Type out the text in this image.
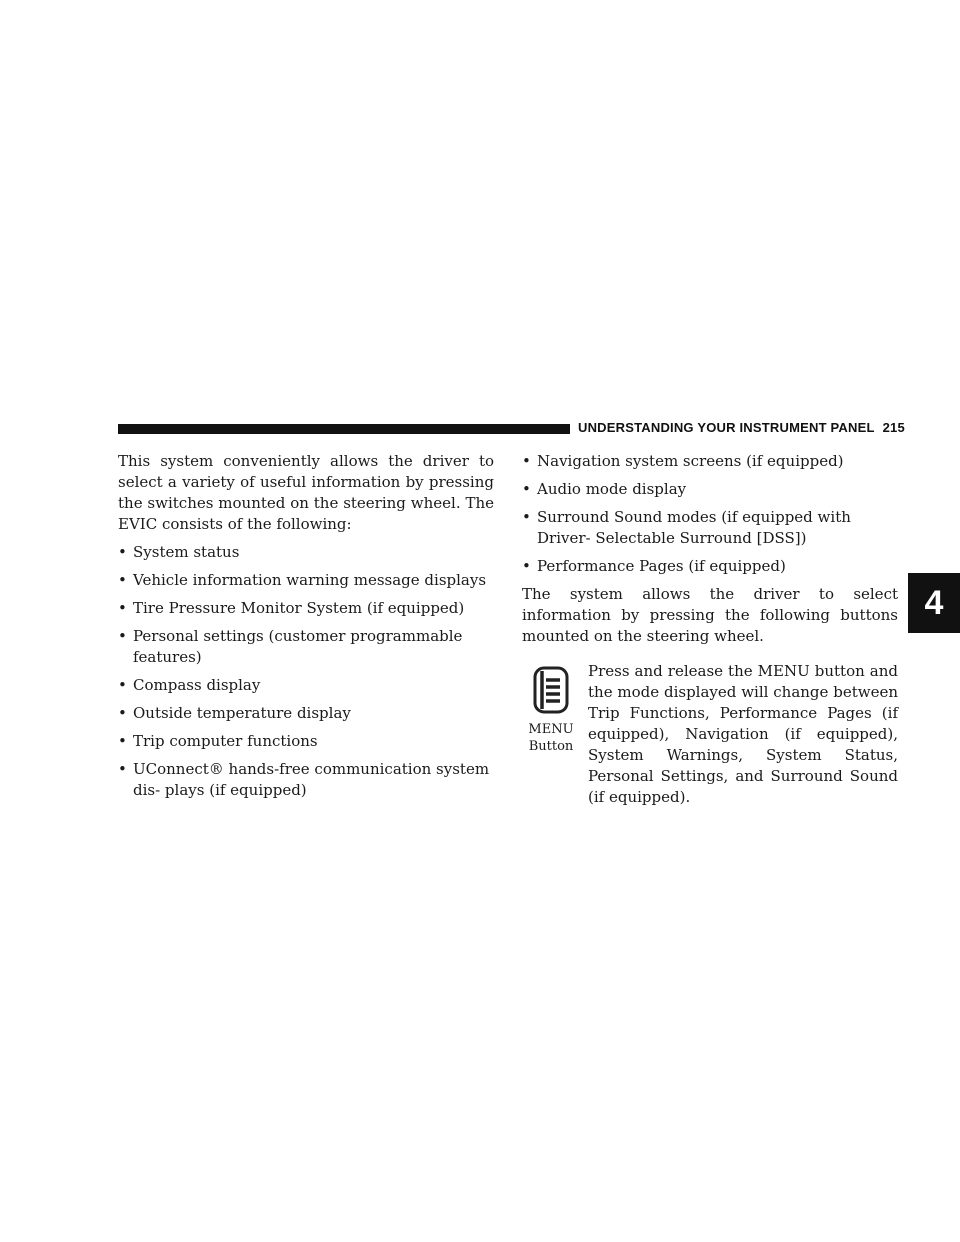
UNDERSTANDING YOUR INSTRUMENT PANEL 215
4

This system conveniently allows the driver to select a variety of useful information by pressing the switches mounted on the steering wheel. The EVIC consists of the following:

• System status
• Vehicle information warning message displays
• Tire Pressure Monitor System (if equipped)
• Personal settings (customer programmable features)
• Compass display
• Outside temperature display
• Trip computer functions
• UConnect® hands-free communication system dis- plays (if equipped)
• Navigation system screens (if equipped)
• Audio mode display
• Surround Sound modes (if equipped with Driver- Selectable Surround [DSS])
• Performance Pages (if equipped)

The system allows the driver to select information by pressing the following buttons mounted on the steering wheel.

MENU
Button

Press and release the MENU button and the mode displayed will change between Trip Functions, Performance Pages (if equipped), Navigation (if equipped), System Warnings, System Status, Personal Settings, and Surround Sound (if equipped).
